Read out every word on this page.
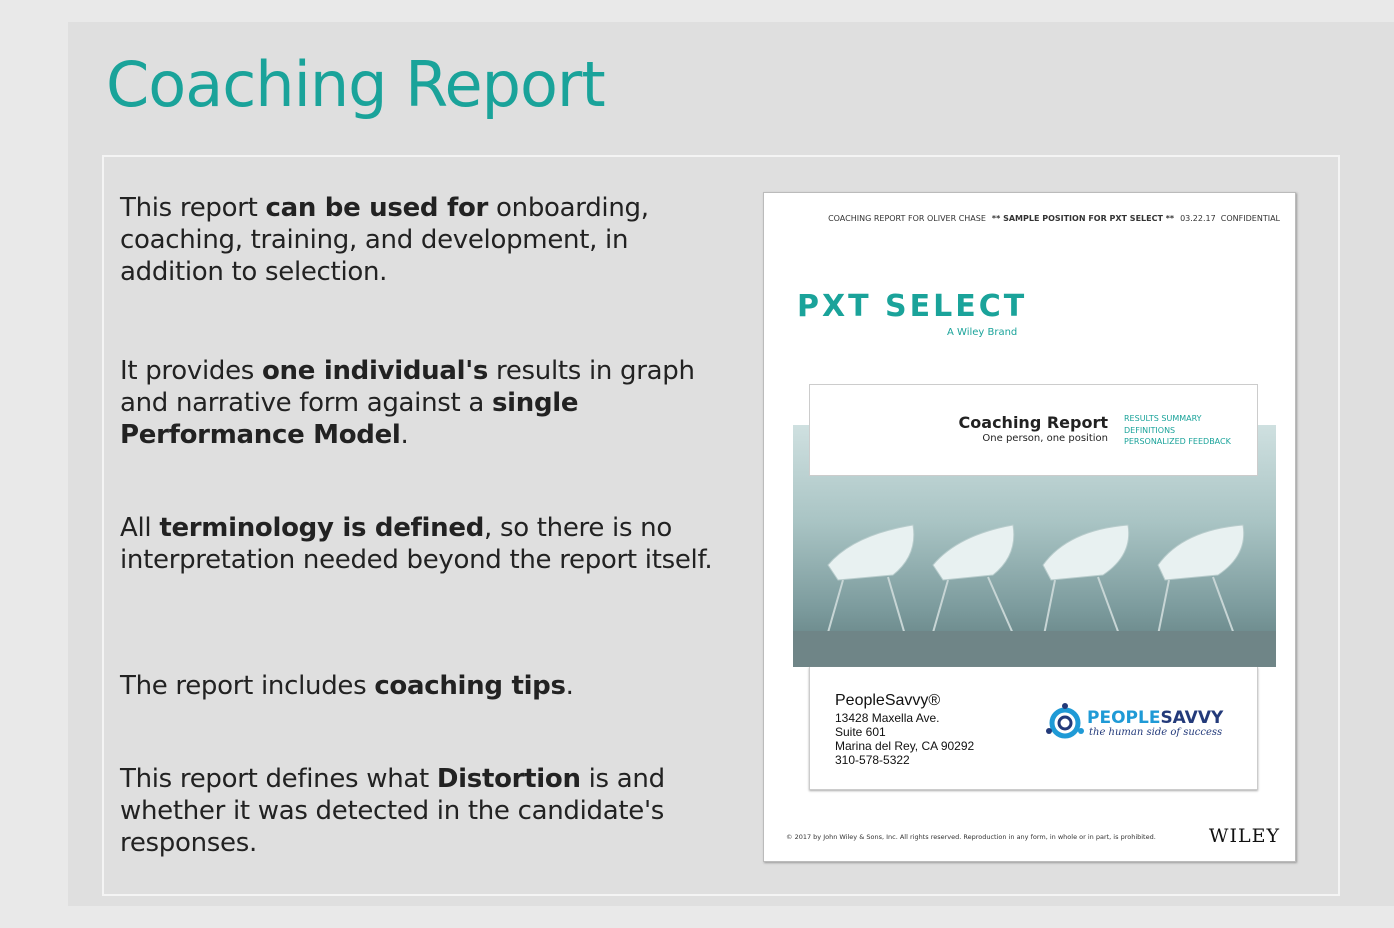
Coaching Report

This report can be used for onboarding, coaching, training, and development, in addition to selection.

It provides one individual's results in graph and narrative form against a single Performance Model.

All terminology is defined, so there is no interpretation needed beyond the report itself.

The report includes coaching tips.

This report defines what Distortion is and whether it was detected in the candidate's responses.

COACHING REPORT FOR OLIVER CHASE ** SAMPLE POSITION FOR PXT SELECT ** 03.22.17 CONFIDENTIAL
PXT SELECT
A Wiley Brand
Coaching Report
One person, one position
RESULTS SUMMARY
DEFINITIONS
PERSONALIZED FEEDBACK
PeopleSavvy®
13428 Maxella Ave.
Suite 601
Marina del Rey, CA 90292
310-578-5322
PEOPLESAVVY
the human side of success
© 2017 by John Wiley & Sons, Inc. All rights reserved. Reproduction in any form, in whole or in part, is prohibited.	WILEY
